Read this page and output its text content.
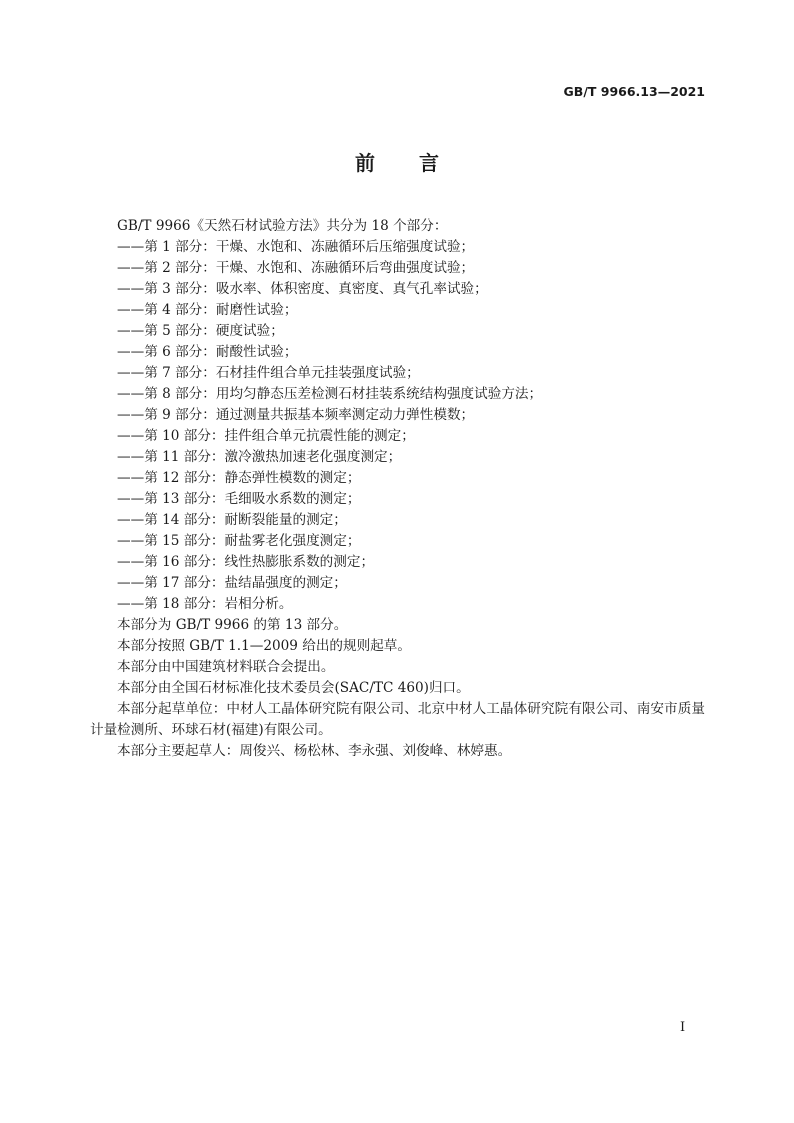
GB/T 9966.13—2021
前　言

GB/T 9966《天然石材试验方法》共分为 18 个部分：

——第 1 部分：干燥、水饱和、冻融循环后压缩强度试验；

——第 2 部分：干燥、水饱和、冻融循环后弯曲强度试验；

——第 3 部分：吸水率、体积密度、真密度、真气孔率试验；

——第 4 部分：耐磨性试验；

——第 5 部分：硬度试验；

——第 6 部分：耐酸性试验；

——第 7 部分：石材挂件组合单元挂装强度试验；

——第 8 部分：用均匀静态压差检测石材挂装系统结构强度试验方法；

——第 9 部分：通过测量共振基本频率测定动力弹性模数；

——第 10 部分：挂件组合单元抗震性能的测定；

——第 11 部分：激冷激热加速老化强度测定；

——第 12 部分：静态弹性模数的测定；

——第 13 部分：毛细吸水系数的测定；

——第 14 部分：耐断裂能量的测定；

——第 15 部分：耐盐雾老化强度测定；

——第 16 部分：线性热膨胀系数的测定；

——第 17 部分：盐结晶强度的测定；

——第 18 部分：岩相分析。

本部分为 GB/T 9966 的第 13 部分。

本部分按照 GB/T 1.1—2009 给出的规则起草。

本部分由中国建筑材料联合会提出。

本部分由全国石材标准化技术委员会(SAC/TC 460)归口。

本部分起草单位：中材人工晶体研究院有限公司、北京中材人工晶体研究院有限公司、南安市质量计量检测所、环球石材(福建)有限公司。

本部分主要起草人：周俊兴、杨松林、李永强、刘俊峰、林婷惠。

I
